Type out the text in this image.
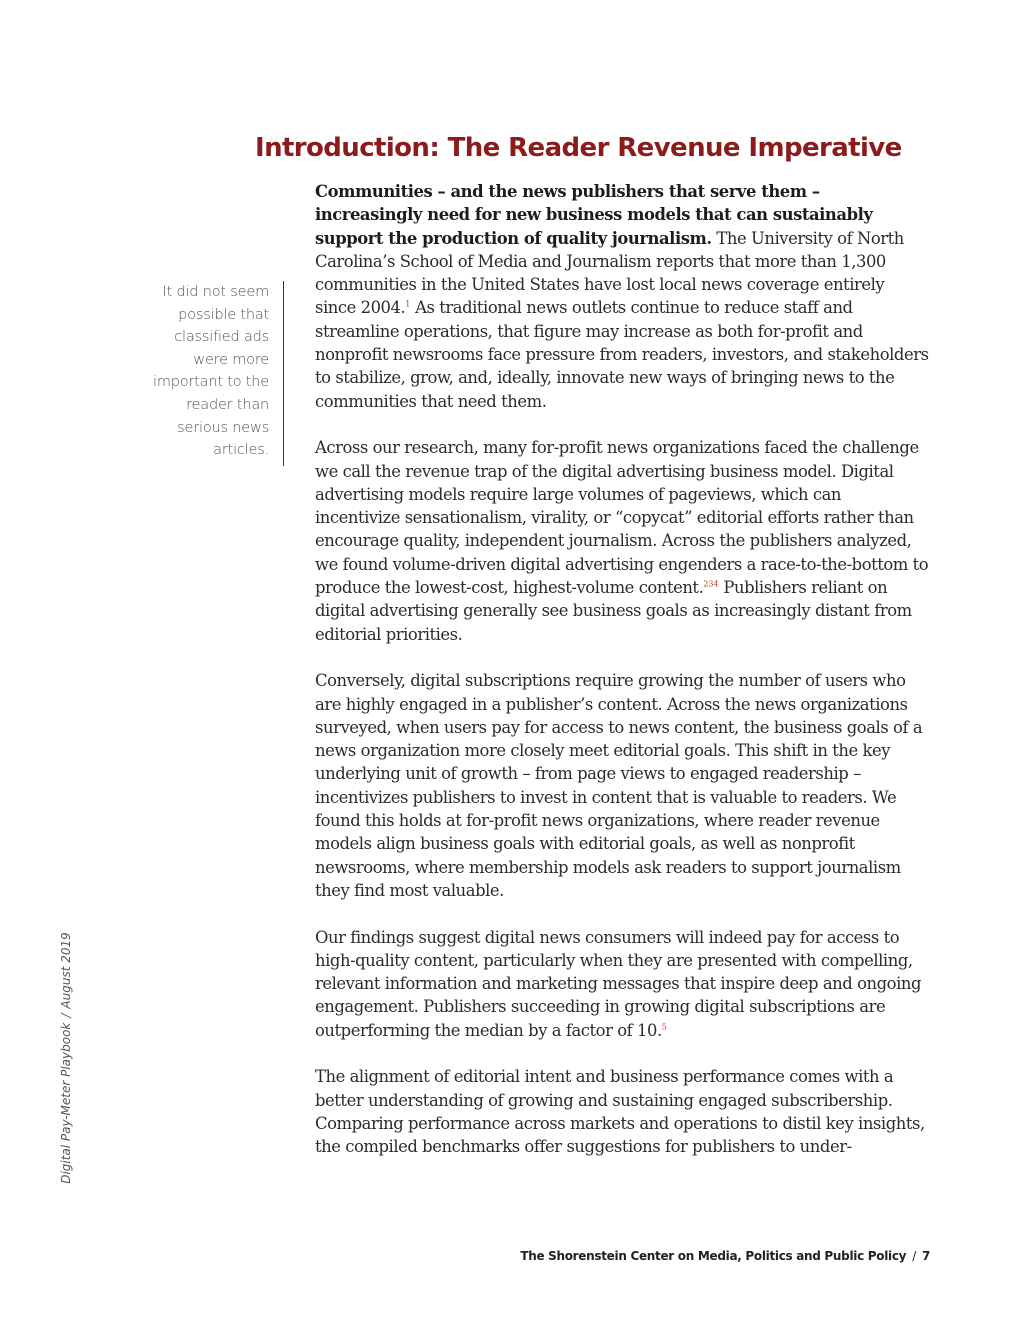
Introduction: The Reader Revenue Imperative
It did not seem possible that classified ads were more important to the reader than serious news articles.
Digital Pay-Meter Playbook/August 2019

Communities – and the news publishers that serve them – increasingly need for new business models that can sustainably support the production of quality journalism. The University of North Carolina’s School of Media and Journalism reports that more than 1,300 communities in the United States have lost local news coverage entirely since 2004.$^1$ As traditional news outlets continue to reduce staff and streamline operations, that figure may increase as both for-profit and nonprofit newsrooms face pressure from readers, investors, and stakeholders to stabilize, grow, and, ideally, innovate new ways of bringing news to the communities that need them.

Across our research, many for-profit news organizations faced the challenge we call the revenue trap of the digital advertising business model. Digital advertising models require large volumes of pageviews, which can incentivize sensationalism, virality, or “copycat” editorial efforts rather than encourage quality, independent journalism. Across the publishers analyzed, we found volume-driven digital advertising engenders a race-to-the-bottom to produce the lowest-cost, highest-volume content.$^{234}$ Publishers reliant on digital advertising generally see business goals as increasingly distant from editorial priorities.

Conversely, digital subscriptions require growing the number of users who are highly engaged in a publisher’s content. Across the news organizations surveyed, when users pay for access to news content, the business goals of a news organization more closely meet editorial goals. This shift in the key underlying unit of growth – from page views to engaged readership – incentivizes publishers to invest in content that is valuable to readers. We found this holds at for-profit news organizations, where reader revenue models align business goals with editorial goals, as well as nonprofit newsrooms, where membership models ask readers to support journalism they find most valuable.

Our findings suggest digital news consumers will indeed pay for access to high-quality content, particularly when they are presented with compelling, relevant information and marketing messages that inspire deep and ongoing engagement. Publishers succeeding in growing digital subscriptions are outperforming the median by a factor of 10.$^5$

The alignment of editorial intent and business performance comes with a better understanding of growing and sustaining engaged subscribership. Comparing performance across markets and operations to distil key insights, the compiled benchmarks offer suggestions for publishers to under-

The Shorenstein Center on Media, Politics and Public Policy / 7
